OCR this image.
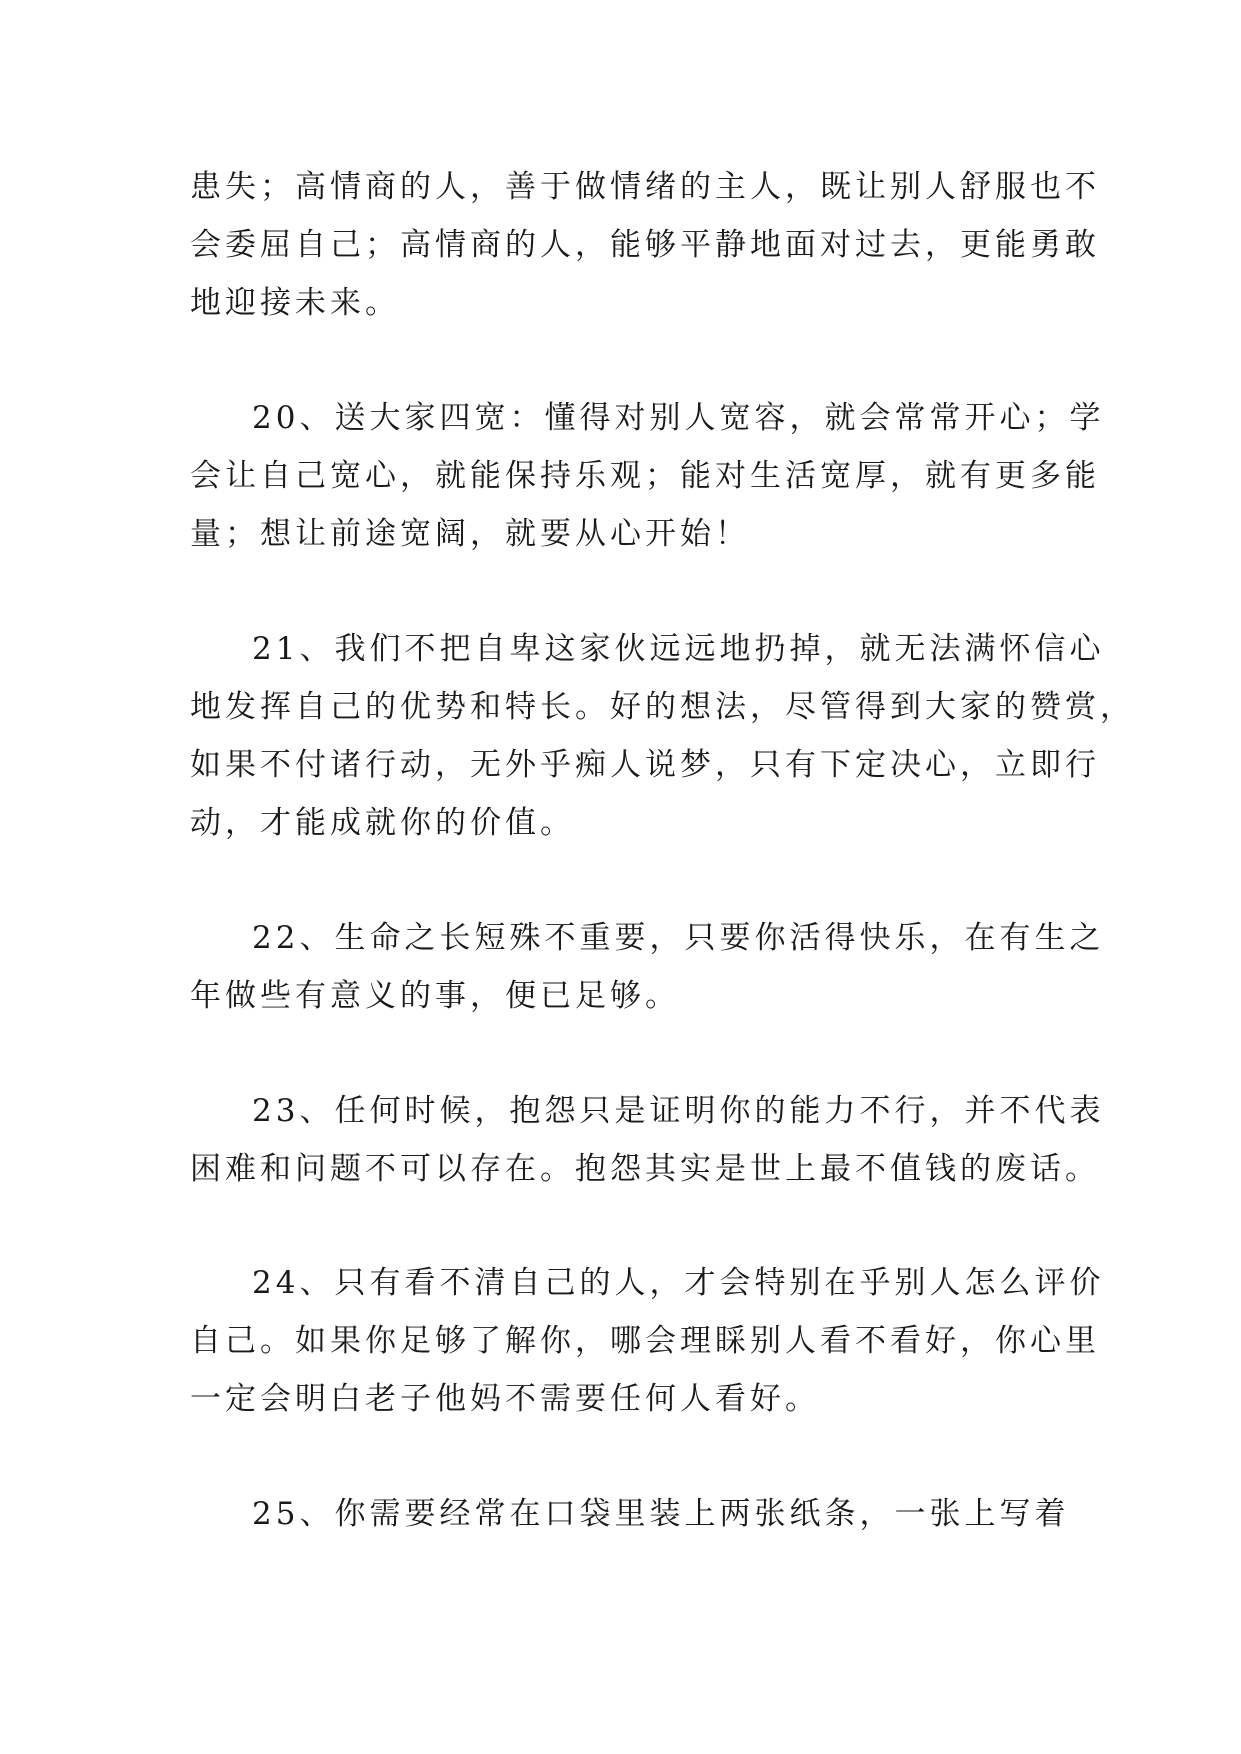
患失；高情商的人，善于做情绪的主人，既让别人舒服也不
会委屈自己；高情商的人，能够平静地面对过去，更能勇敢
地迎接未来。
20、送大家四宽：懂得对别人宽容，就会常常开心；学
会让自己宽心，就能保持乐观；能对生活宽厚，就有更多能
量；想让前途宽阔，就要从心开始！
21、我们不把自卑这家伙远远地扔掉，就无法满怀信心
地发挥自己的优势和特长。好的想法，尽管得到大家的赞赏，
如果不付诸行动，无外乎痴人说梦，只有下定决心，立即行
动，才能成就你的价值。
22、生命之长短殊不重要，只要你活得快乐，在有生之
年做些有意义的事，便已足够。
23、任何时候，抱怨只是证明你的能力不行，并不代表
困难和问题不可以存在。抱怨其实是世上最不值钱的废话。
24、只有看不清自己的人，才会特别在乎别人怎么评价
自己。如果你足够了解你，哪会理睬别人看不看好，你心里
一定会明白老子他妈不需要任何人看好。
25、你需要经常在口袋里装上两张纸条，一张上写着
